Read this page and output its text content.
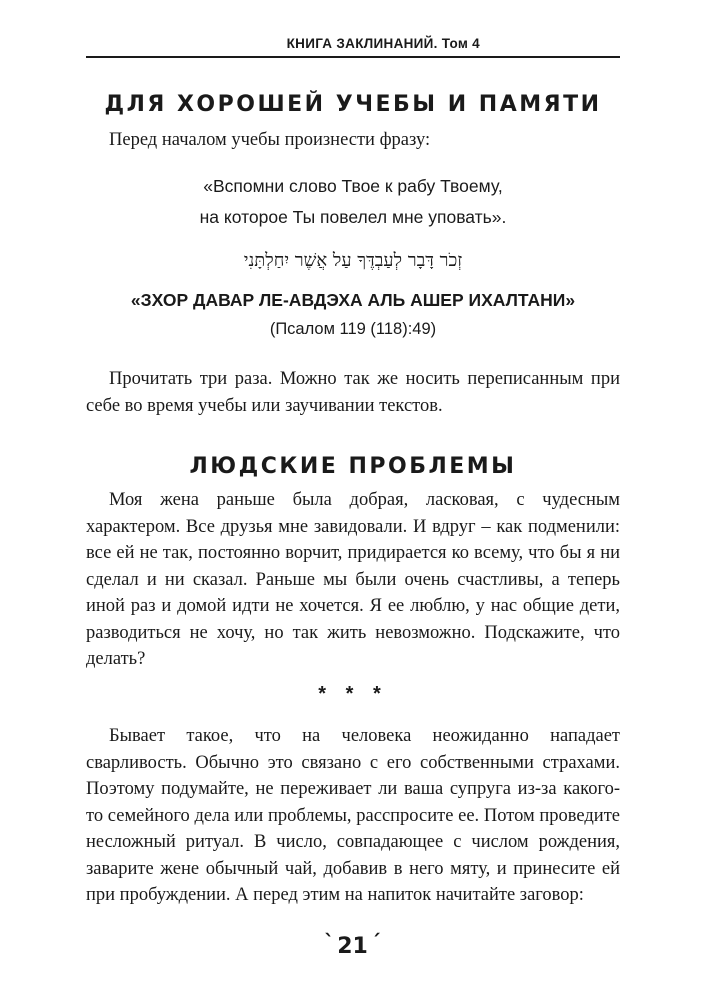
КНИГА ЗАКЛИНАНИЙ. Том 4
ДЛЯ ХОРОШЕЙ УЧЕБЫ И ПАМЯТИ

Перед началом учебы произнести фразу:

«Вспомни слово Твое к рабу Твоему,

на которое Ты повелел мне уповать».

זְכֹר דָּבָר לְעַבְדֶּךָ עַל אֲשֶׁר יִחַלְתָּנִי

«ЗХОР ДАВАР ЛЕ-АВДЭХА АЛЬ АШЕР ИХАЛТАНИ»

(Псалом 119 (118):49)

Прочитать три раза. Можно так же носить переписанным при себе во время учебы или заучивании текстов.

ЛЮДСКИЕ ПРОБЛЕМЫ

Моя жена раньше была добрая, ласковая, с чудесным характером. Все друзья мне завидовали. И вдруг – как подменили: все ей не так, постоянно ворчит, придирается ко всему, что бы я ни сделал и ни сказал. Раньше мы были очень счастливы, а теперь иной раз и домой идти не хочется. Я ее люблю, у нас общие дети, разводиться не хочу, но так жить невозможно. Подскажите, что делать?

* * *

Бывает такое, что на человека неожиданно нападает сварливость. Обычно это связано с его собственными страхами. Поэтому подумайте, не переживает ли ваша супруга из-за какого-то семейного дела или проблемы, расспросите ее. Потом проведите несложный ритуал. В число, совпадающее с числом рождения, заварите жене обычный чай, добавив в него мяту, и принесите ей при пробуждении. А перед этим на напиток начитайте заговор:

` 21 ´
